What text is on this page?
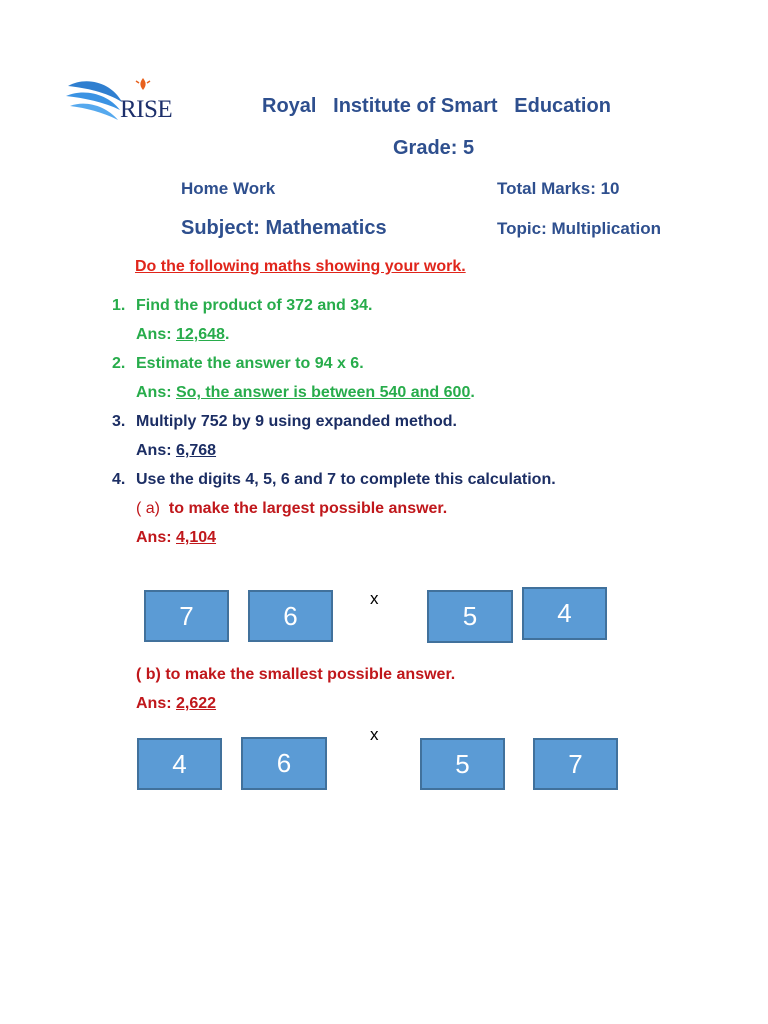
RISE	Royal   Institute of Smart   Education
Grade: 5
Home Work	Total Marks: 10
Subject: Mathematics	Topic: Multiplication
Do the following maths showing your work.
1. Find the product of 372 and 34.
Ans: 12,648.
2. Estimate the answer to 94 x 6.
Ans: So, the answer is between 540 and 600.
3. Multiply 752 by 9 using expanded method.
Ans: 6,768
4. Use the digits 4, 5, 6 and 7 to complete this calculation.
( a) to make the largest possible answer.
Ans: 4,104
7	6
x
5	4
( b) to make the smallest possible answer.
Ans: 2,622
4	6
x
5	7
